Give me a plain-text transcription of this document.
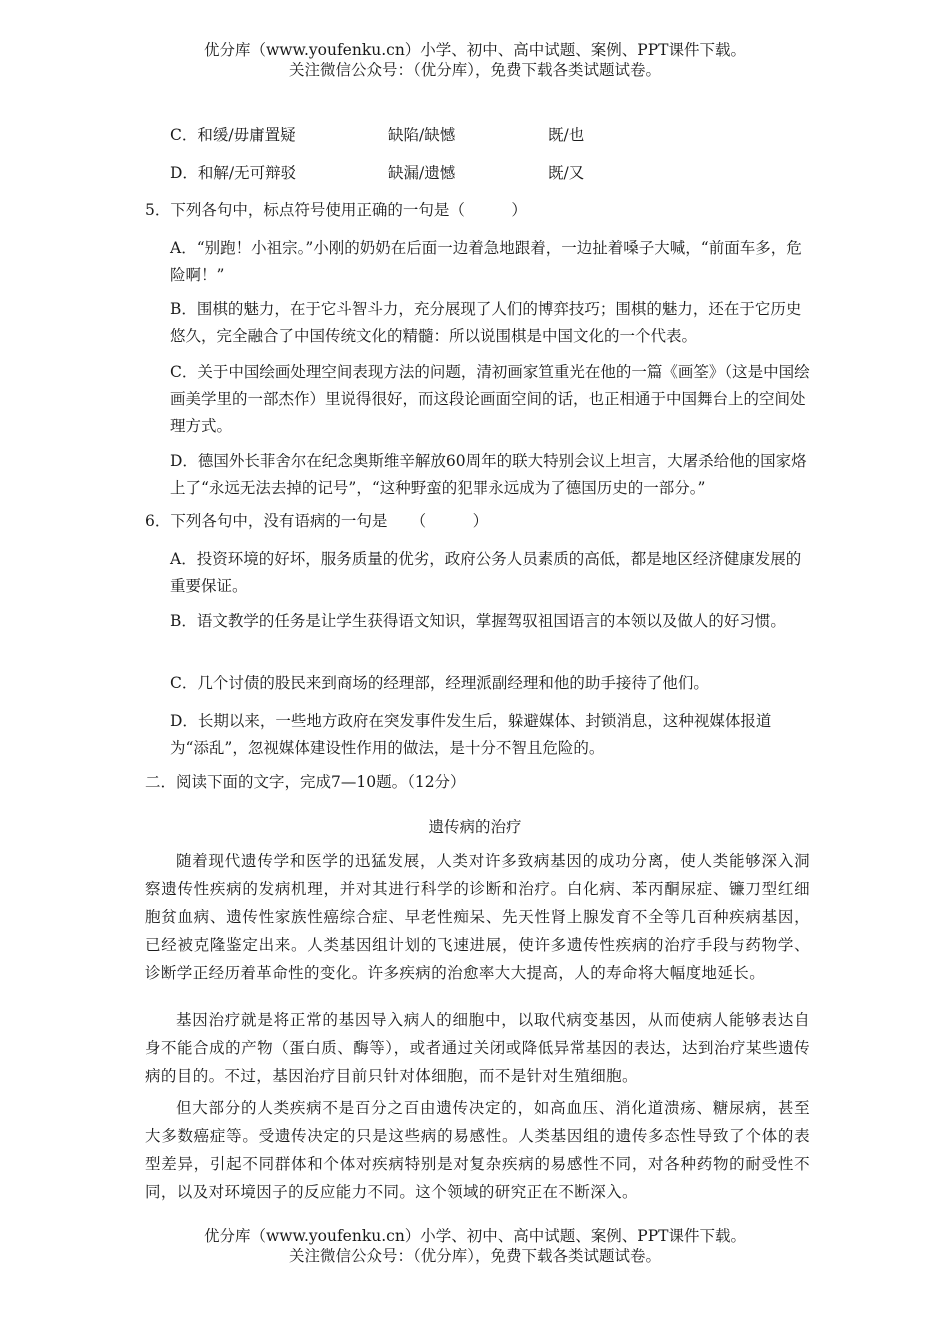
优分库（www.youfenku.cn）小学、初中、高中试题、案例、PPT课件下载。
关注微信公众号：（优分库），免费下载各类试题试卷。
C．和缓/毋庸置疑	缺陷/缺憾	既/也
D．和解/无可辩驳	缺漏/遗憾	既/又
5．下列各句中，标点符号使用正确的一句是（　　　）
A．“别跑！小祖宗。”小刚的奶奶在后面一边着急地跟着，一边扯着嗓子大喊，“前面车多，危险啊！”
B．围棋的魅力，在于它斗智斗力，充分展现了人们的博弈技巧；围棋的魅力，还在于它历史悠久，完全融合了中国传统文化的精髓：所以说围棋是中国文化的一个代表。
C．关于中国绘画处理空间表现方法的问题，清初画家笪重光在他的一篇《画筌》（这是中国绘画美学里的一部杰作）里说得很好，而这段论画面空间的话，也正相通于中国舞台上的空间处理方式。
D．德国外长菲舍尔在纪念奥斯维辛解放60周年的联大特别会议上坦言，大屠杀给他的国家烙上了“永远无法去掉的记号”，“这种野蛮的犯罪永远成为了德国历史的一部分。”
6．下列各句中，没有语病的一句是　　（　　　）
A．投资环境的好坏，服务质量的优劣，政府公务人员素质的高低，都是地区经济健康发展的重要保证。
B．语文教学的任务是让学生获得语文知识，掌握驾驭祖国语言的本领以及做人的好习惯。
C．几个讨债的股民来到商场的经理部，经理派副经理和他的助手接待了他们。
D．长期以来，一些地方政府在突发事件发生后，躲避媒体、封锁消息，这种视媒体报道为“添乱”，忽视媒体建设性作用的做法，是十分不智且危险的。
二．阅读下面的文字，完成7—10题。（12分）
遗传病的治疗
随着现代遗传学和医学的迅猛发展，人类对许多致病基因的成功分离，使人类能够深入洞察遗传性疾病的发病机理，并对其进行科学的诊断和治疗。白化病、苯丙酮尿症、镰刀型红细胞贫血病、遗传性家族性癌综合症、早老性痴呆、先天性肾上腺发育不全等几百种疾病基因，已经被克隆鉴定出来。人类基因组计划的飞速进展，使许多遗传性疾病的治疗手段与药物学、诊断学正经历着革命性的变化。许多疾病的治愈率大大提高，人的寿命将大幅度地延长。
基因治疗就是将正常的基因导入病人的细胞中，以取代病变基因，从而使病人能够表达自身不能合成的产物（蛋白质、酶等），或者通过关闭或降低异常基因的表达，达到治疗某些遗传病的目的。不过，基因治疗目前只针对体细胞，而不是针对生殖细胞。
但大部分的人类疾病不是百分之百由遗传决定的，如高血压、消化道溃疡、糖尿病，甚至大多数癌症等。受遗传决定的只是这些病的易感性。人类基因组的遗传多态性导致了个体的表型差异，引起不同群体和个体对疾病特别是对复杂疾病的易感性不同，对各种药物的耐受性不同，以及对环境因子的反应能力不同。这个领域的研究正在不断深入。
优分库（www.youfenku.cn）小学、初中、高中试题、案例、PPT课件下载。
关注微信公众号：（优分库），免费下载各类试题试卷。
